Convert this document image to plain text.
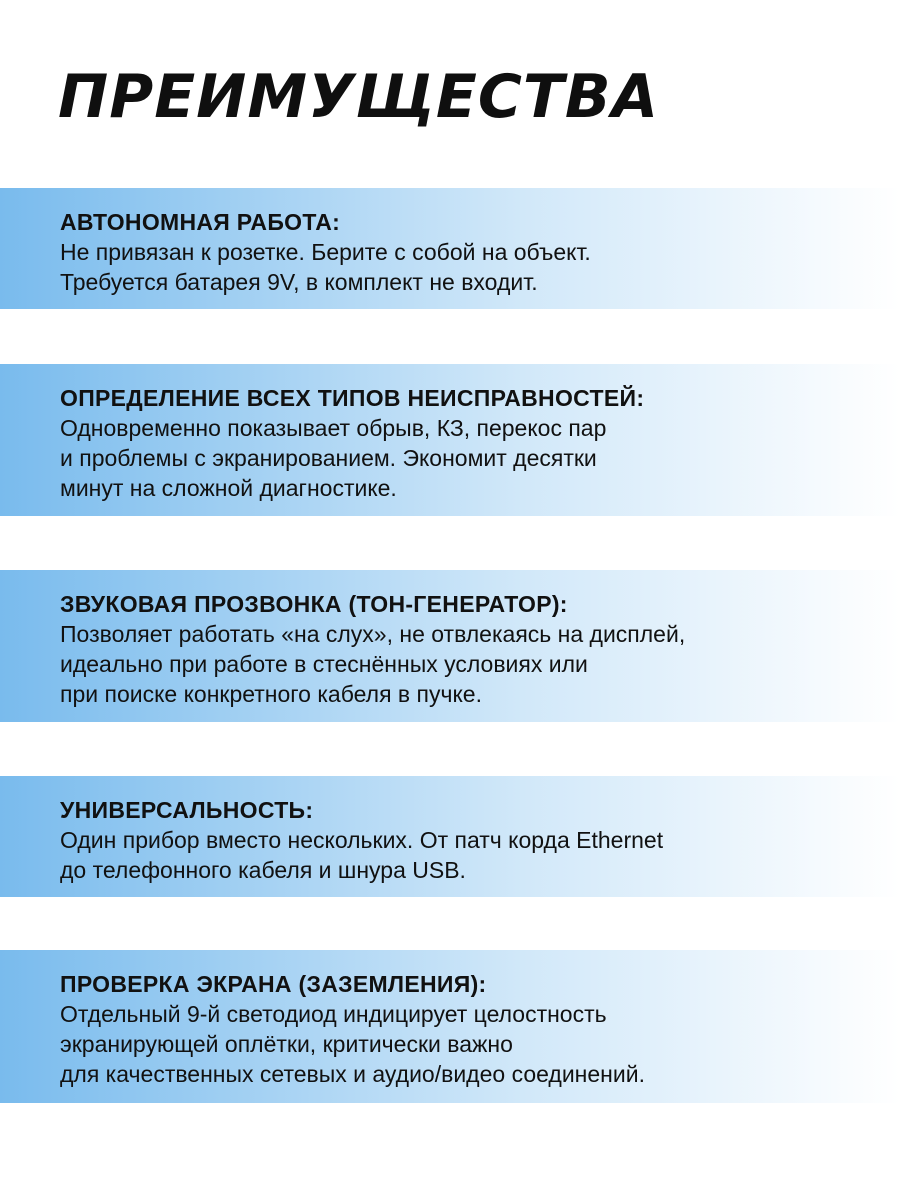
ПРЕИМУЩЕСТВА
АВТОНОМНАЯ РАБОТА:

Не привязан к розетке. Берите с собой на объект.
Требуется батарея 9V, в комплект не входит.

ОПРЕДЕЛЕНИЕ ВСЕХ ТИПОВ НЕИСПРАВНОСТЕЙ:

Одновременно показывает обрыв, КЗ, перекос пар
и проблемы с экранированием. Экономит десятки
минут на сложной диагностике.

ЗВУКОВАЯ ПРОЗВОНКА (ТОН-ГЕНЕРАТОР):

Позволяет работать «на слух», не отвлекаясь на дисплей,
идеально при работе в стеснённых условиях или
при поиске конкретного кабеля в пучке.

УНИВЕРСАЛЬНОСТЬ:

Один прибор вместо нескольких. От патч корда Ethernet
до телефонного кабеля и шнура USB.

ПРОВЕРКА ЭКРАНА (ЗАЗЕМЛЕНИЯ):

Отдельный 9-й светодиод индицирует целостность
экранирующей оплётки, критически важно
для качественных сетевых и аудио/видео соединений.
